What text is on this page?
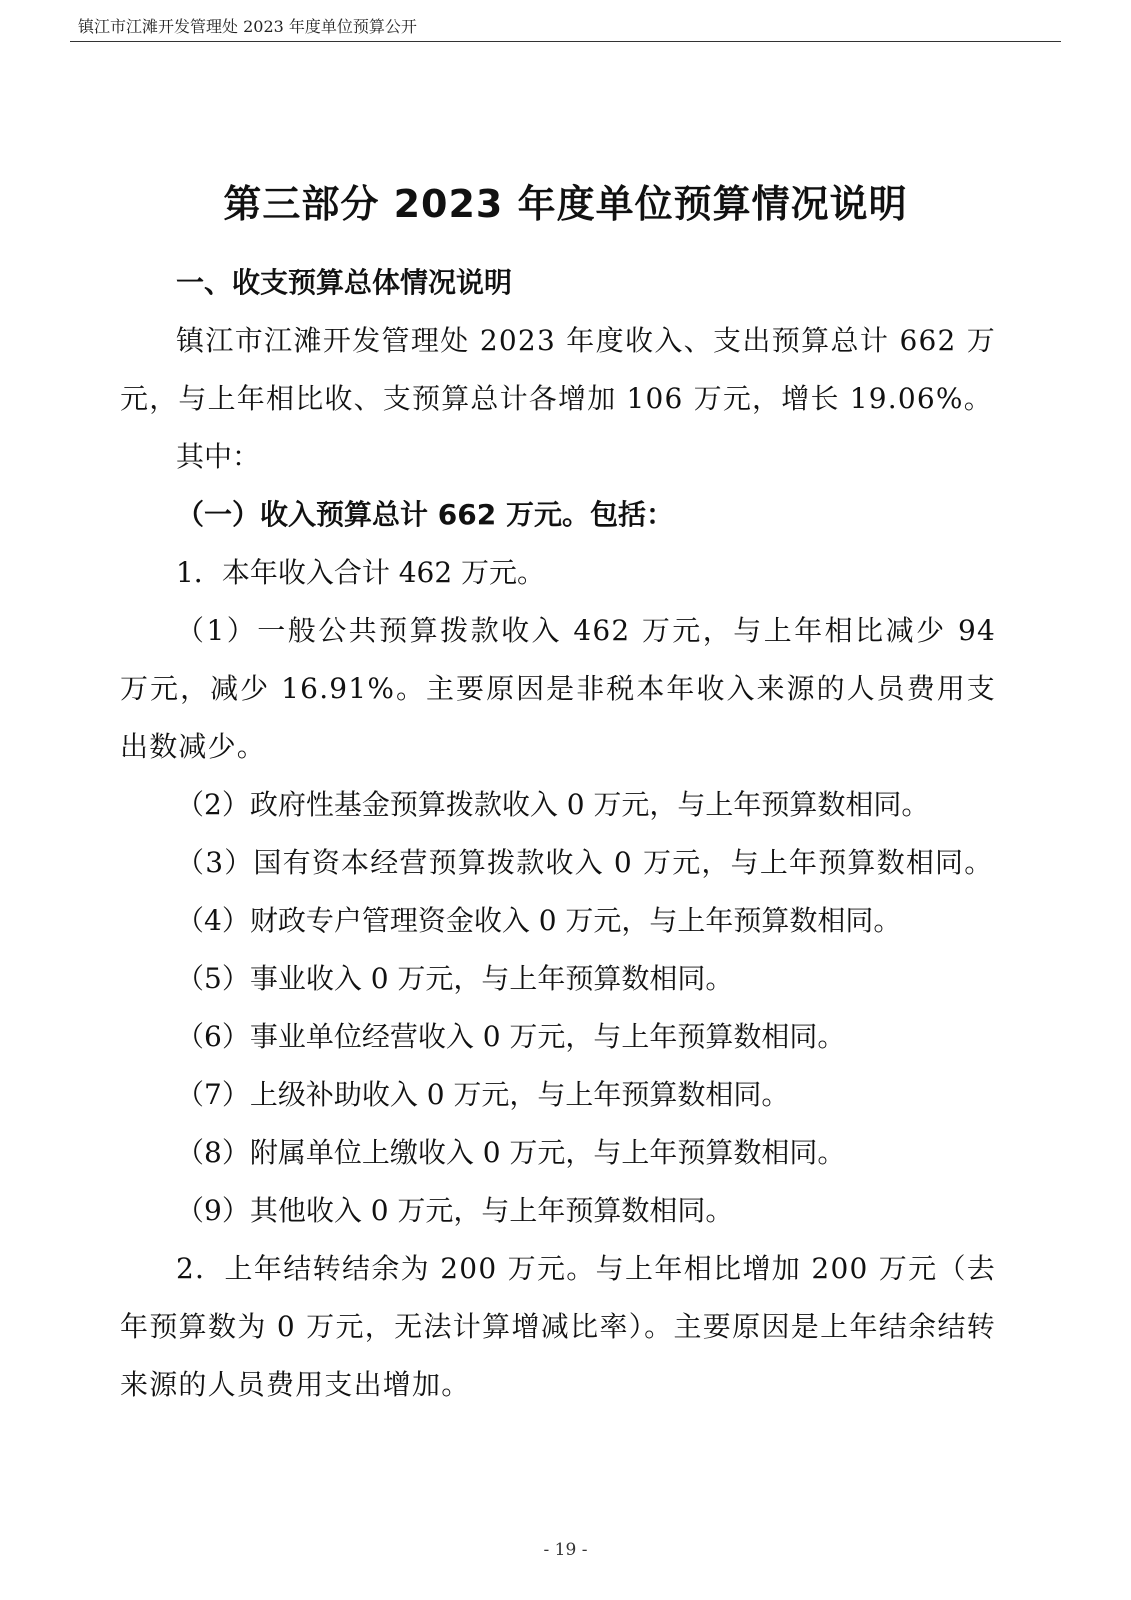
镇江市江滩开发管理处 2023 年度单位预算公开
第三部分 2023 年度单位预算情况说明

一、收支预算总体情况说明

镇江市江滩开发管理处 2023 年度收入、支出预算总计 662 万元，与上年相比收、支预算总计各增加 106 万元，增长 19.06%。

其中：

（一）收入预算总计 662 万元。包括：

1．本年收入合计 462 万元。

（1）一般公共预算拨款收入 462 万元，与上年相比减少 94 万元，减少 16.91%。主要原因是非税本年收入来源的人员费用支出数减少。

（2）政府性基金预算拨款收入 0 万元，与上年预算数相同。

（3）国有资本经营预算拨款收入 0 万元，与上年预算数相同。

（4）财政专户管理资金收入 0 万元，与上年预算数相同。

（5）事业收入 0 万元，与上年预算数相同。

（6）事业单位经营收入 0 万元，与上年预算数相同。

（7）上级补助收入 0 万元，与上年预算数相同。

（8）附属单位上缴收入 0 万元，与上年预算数相同。

（9）其他收入 0 万元，与上年预算数相同。

2．上年结转结余为 200 万元。与上年相比增加 200 万元（去年预算数为 0 万元，无法计算增减比率）。主要原因是上年结余结转来源的人员费用支出增加。

- 19 -
